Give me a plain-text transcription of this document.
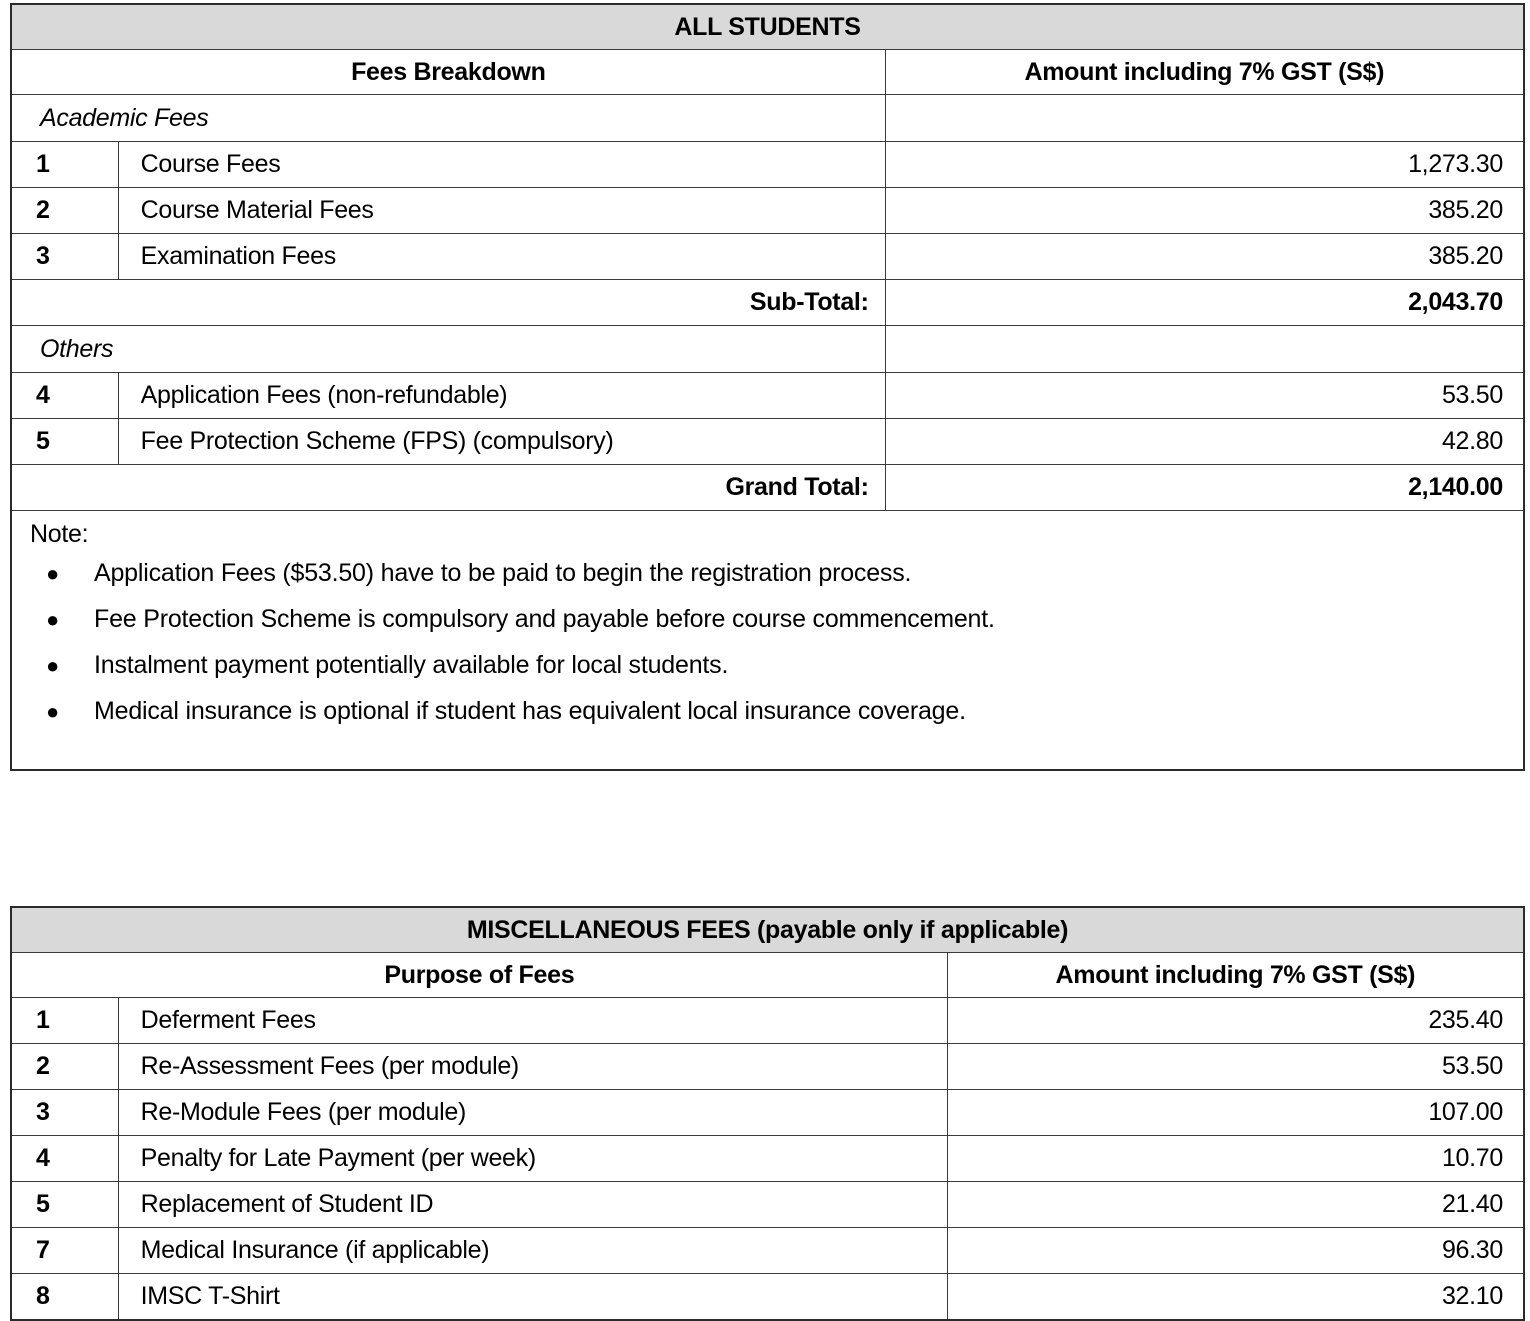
ALL STUDENTS		
Fees Breakdown		Amount including 7% GST (S$)
Academic Fees		
1	Course Fees	1,273.30
2	Course Material Fees	385.20
3	Examination Fees	385.20
Sub-Total:		2,043.70
Others		
4	Application Fees (non-refundable)	53.50
5	Fee Protection Scheme (FPS) (compulsory)	42.80
Grand Total:		2,140.00

Note:
● Application Fees ($53.50) have to be paid to begin the registration process.
● Fee Protection Scheme is compulsory and payable before course commencement.
● Instalment payment potentially available for local students.
● Medical insurance is optional if student has equivalent local insurance coverage.
MISCELLANEOUS FEES (payable only if applicable)		
Purpose of Fees		Amount including 7% GST (S$)
1	Deferment Fees	235.40
2	Re-Assessment Fees (per module)	53.50
3	Re-Module Fees (per module)	107.00
4	Penalty for Late Payment (per week)	10.70
5	Replacement of Student ID	21.40
7	Medical Insurance (if applicable)	96.30
8	IMSC T-Shirt	32.10
